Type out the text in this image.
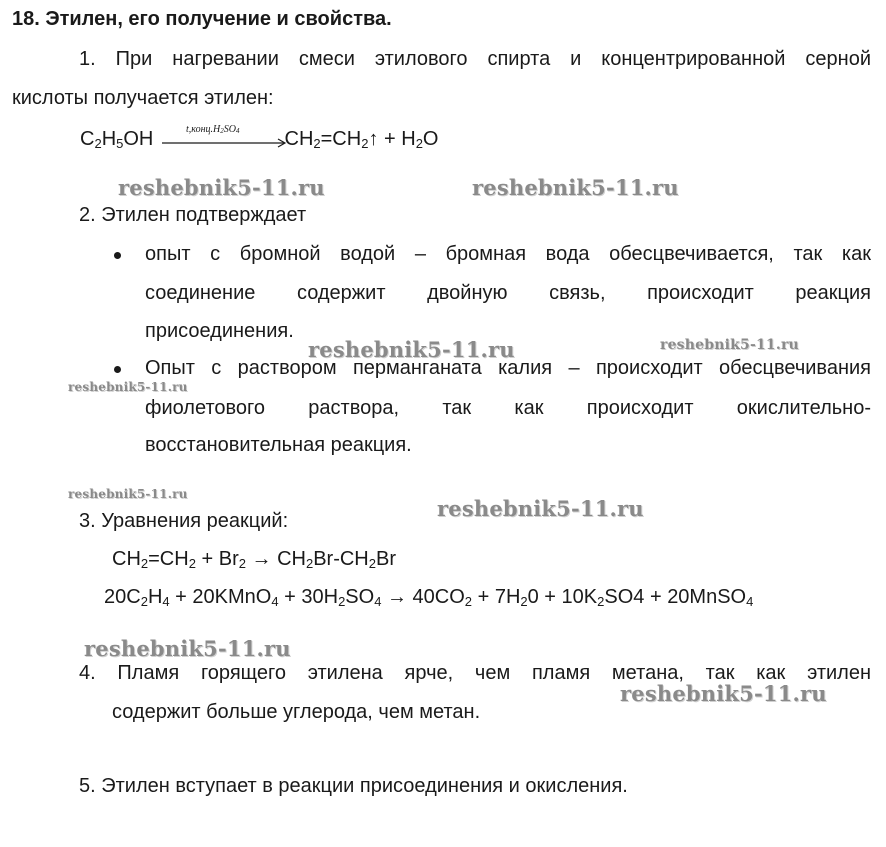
18. Этилен, его получение и свойства.
1. При нагревании смеси этилового спирта и концентрированной серной
кислоты получается этилен:
$C_2H_5OH$	$CH_2=CH_2↑ + H_2O$
$t,конц.H_2SO_4$
2. Этилен подтверждает
опыт с бромной водой – бромная вода обесцвечивается, так как
соединение содержит двойную связь, происходит реакция
присоединения.
Опыт с раствором перманганата калия – происходит обесцвечивания
фиолетового раствора, так как происходит окислительно-
восстановительная реакция.
3. Уравнения реакций:
$CH_2=CH_2 + Br_2 \to CH_2Br-CH_2Br$
$20C_2H_4$ + 20KMnO$_4$ + $30H_2SO_4 \to 40CO_2 + 7H_20 + 10K_2SO4$ + 20MnSO$_4$
4. Пламя горящего этилена ярче, чем пламя метана, так как этилен
содержит больше углерода, чем метан.
5. Этилен вступает в реакции присоединения и окисления.
reshebnik5-11.ru	reshebnik5-11.ru
reshebnik5-11.ru	reshebnik5-11.ru
reshebnik5-11.ru
reshebnik5-11.ru
reshebnik5-11.ru
reshebnik5-11.ru
reshebnik5-11.ru
